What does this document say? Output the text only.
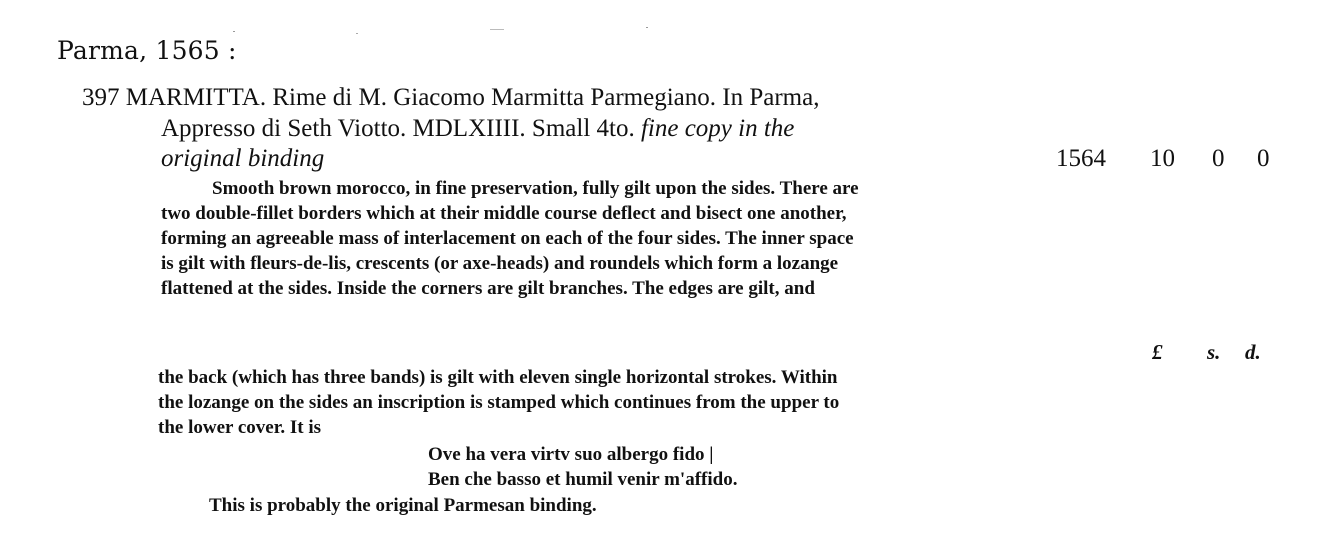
Parma, 1565 :
397 MARMITTA. Rime di M. Giacomo Marmitta Parmegiano. In Parma,
Appresso di Seth Viotto. MDLXIIII. Small 4to. fine copy in the
original binding	1564 10 0 0
Smooth brown morocco, in fine preservation, fully gilt upon the sides. There are
two double-fillet borders which at their middle course deflect and bisect one another,
forming an agreeable mass of interlacement on each of the four sides. The inner space
is gilt with fleurs-de-lis, crescents (or axe-heads) and roundels which form a lozange
flattened at the sides. Inside the corners are gilt branches. The edges are gilt, and
£ s. d.
the back (which has three bands) is gilt with eleven single horizontal strokes. Within
the lozange on the sides an inscription is stamped which continues from the upper to
the lower cover. It is
Ove ha vera virtv suo albergo fido |
Ben che basso et humil venir m'affido.
This is probably the original Parmesan binding.
